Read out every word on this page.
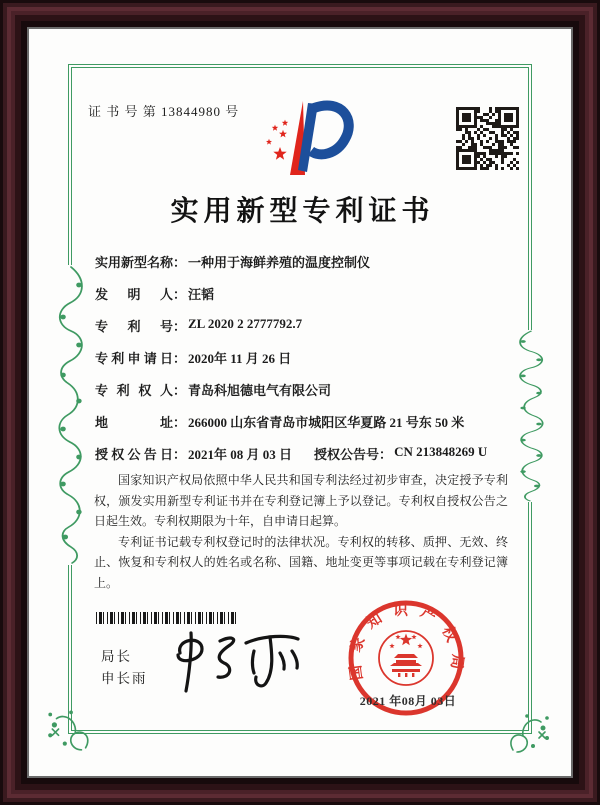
证 书 号 第 13844980 号
实用新型专利证书
实用新型名称 ： 一种用于海鲜养殖的温度控制仪
发明人 ： 汪韬
专利号 ： ZL 2020 2 2777792.7
专利申请日 ： 2020年 11 月 26 日
专利权人 ： 青岛科旭德电气有限公司
地址 ： 266000 山东省青岛市城阳区华夏路 21 号东 50 米
授权公告日 ： 2021年 08 月 03 日 授权公告号 ： CN 213848269 U

国家知识产权局依照中华人民共和国专利法经过初步审查，决定授予专利权，颁发实用新型专利证书并在专利登记簿上予以登记。专利权自授权公告之日起生效。专利权期限为十年，自申请日起算。

专利证书记载专利权登记时的法律状况。专利权的转移、质押、无效、终止、恢复和专利权人的姓名或名称、国籍、地址变更等事项记载在专利登记簿上。

局长
申长雨	国家知识产权局
2021 年08月 03日
